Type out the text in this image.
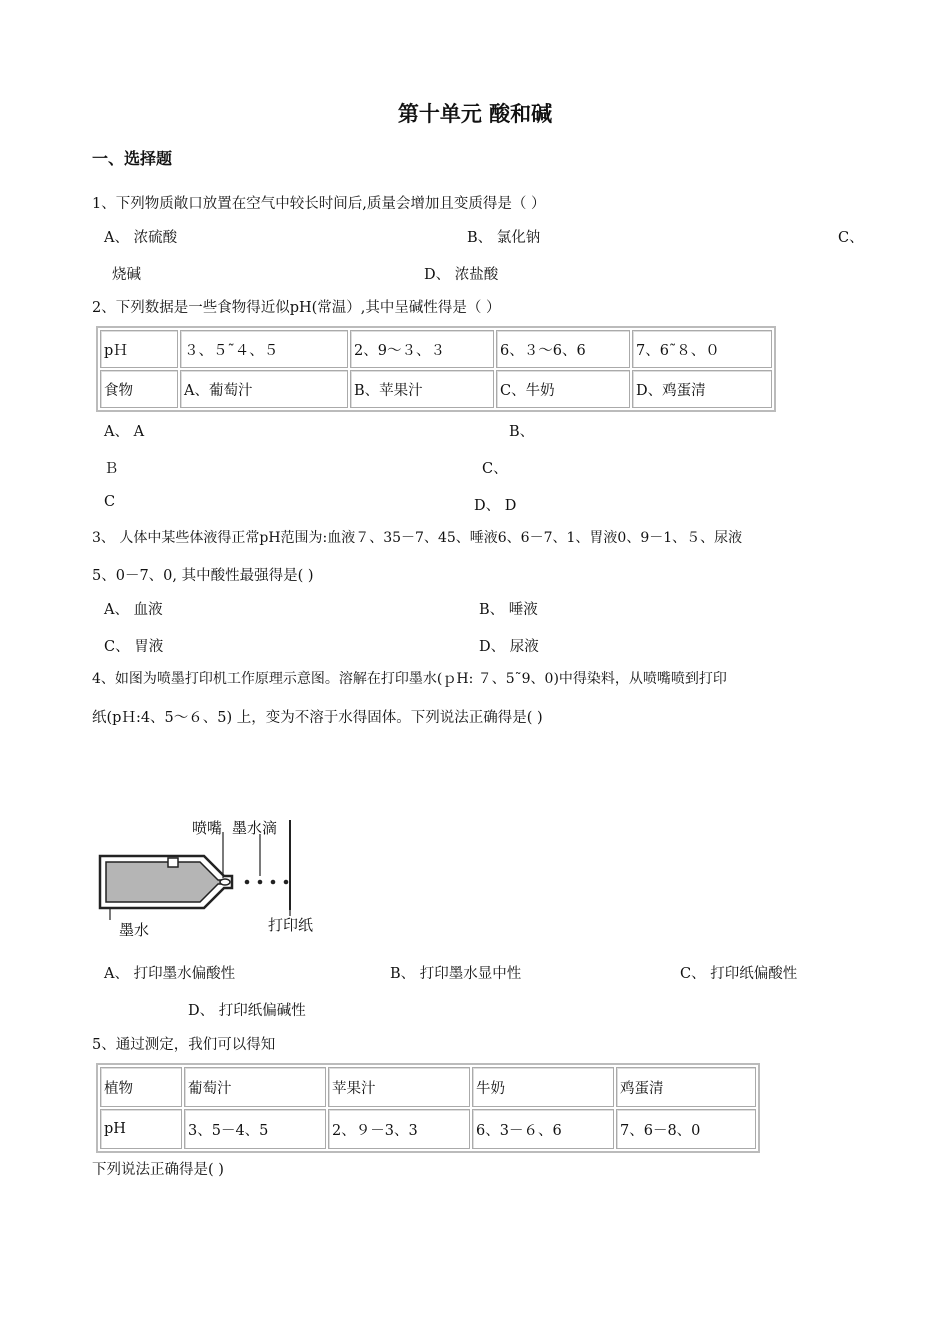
第十单元 酸和碱
一、选择题
1、下列物质敞口放置在空气中较长时间后,质量会增加且变质得是（ ）
A、 浓硫酸	B、 氯化钠	C、
烧碱	D、 浓盐酸
2、下列数据是一些食物得近似pH(常温）,其中呈碱性得是（ ）
pＨ	３、５˜４、５	2、9～３、３	6、３～6、6	7、6˜８、０
食物	A、葡萄汁	B、苹果汁	C、牛奶	D、鸡蛋清
A、 A	B、
Ｂ	C、
C	D、 D
3、 人体中某些体液得正常pH范围为:血液７、35－7、45、唾液6、6－7、1、胃液0、9－1、５、尿液
5、0－7、0, 其中酸性最强得是( )
A、 血液	B、 唾液
C、 胃液	D、 尿液
4、如图为喷墨打印机工作原理示意图。溶解在打印墨水(ｐH: ７、5˜9、0)中得染料，从喷嘴喷到打印
纸(pＨ:4、5～６、5) 上，变为不溶于水得固体。下列说法正确得是( )
喷嘴 墨水滴
墨水	打印纸
A、 打印墨水偏酸性	B、 打印墨水显中性	C、 打印纸偏酸性
D、 打印纸偏碱性
5、通过测定，我们可以得知
植物	葡萄汁	苹果汁	牛奶	鸡蛋清
pH	3、5－4、5	2、９－3、3	6、3－６、6	7、6－8、0
下列说法正确得是( )
